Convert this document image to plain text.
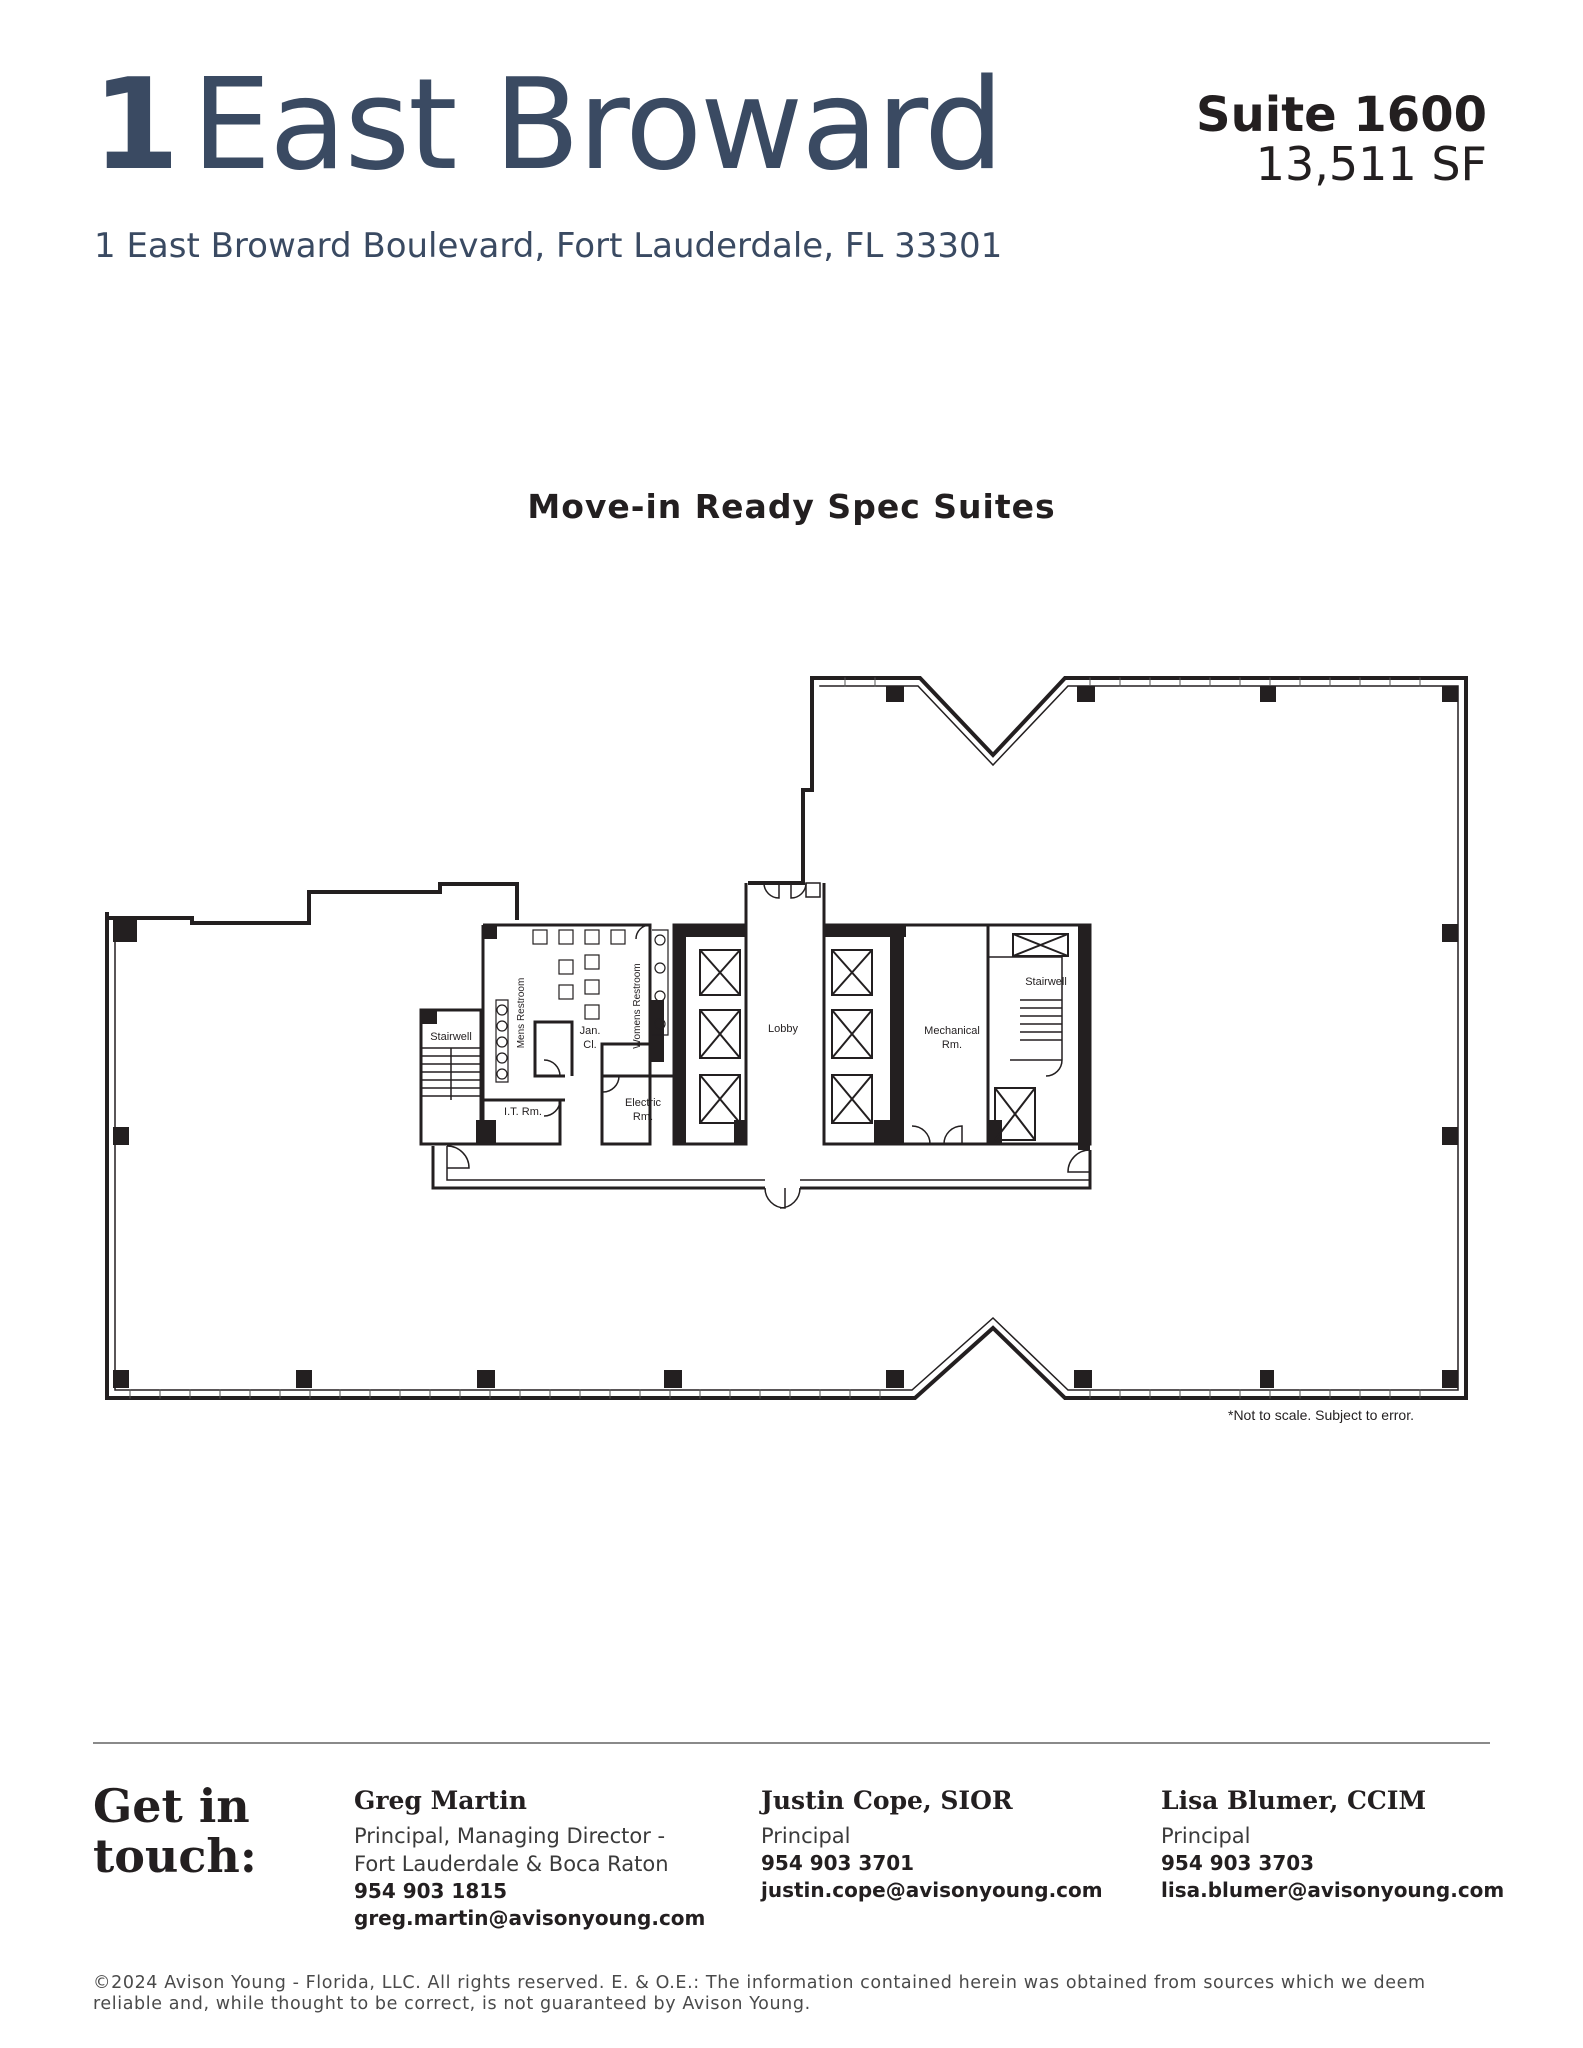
1 East Broward
1 East Broward Boulevard, Fort Lauderdale, FL 33301
Suite 1600
13,511 SF
Move-in Ready Spec Suites
Stairwell	Mens Restroom	Womens Restroom
Jan.
Cl.
I.T. Rm.
Electric
Rm.
Lobby	Mechanical
Rm.
Stairwell
*Not to scale. Subject to error.
Get in
touch:
Greg Martin
Principal, Managing Director -
Fort Lauderdale & Boca Raton
954 903 1815
greg.martin@avisonyoung.com
Justin Cope, SIOR
Principal
954 903 3701
justin.cope@avisonyoung.com
Lisa Blumer, CCIM
Principal
954 903 3703
lisa.blumer@avisonyoung.com
©2024 Avison Young - Florida, LLC. All rights reserved. E. & O.E.: The information contained herein was obtained from sources which we deem reliable and, while thought to be correct, is not guaranteed by Avison Young.
